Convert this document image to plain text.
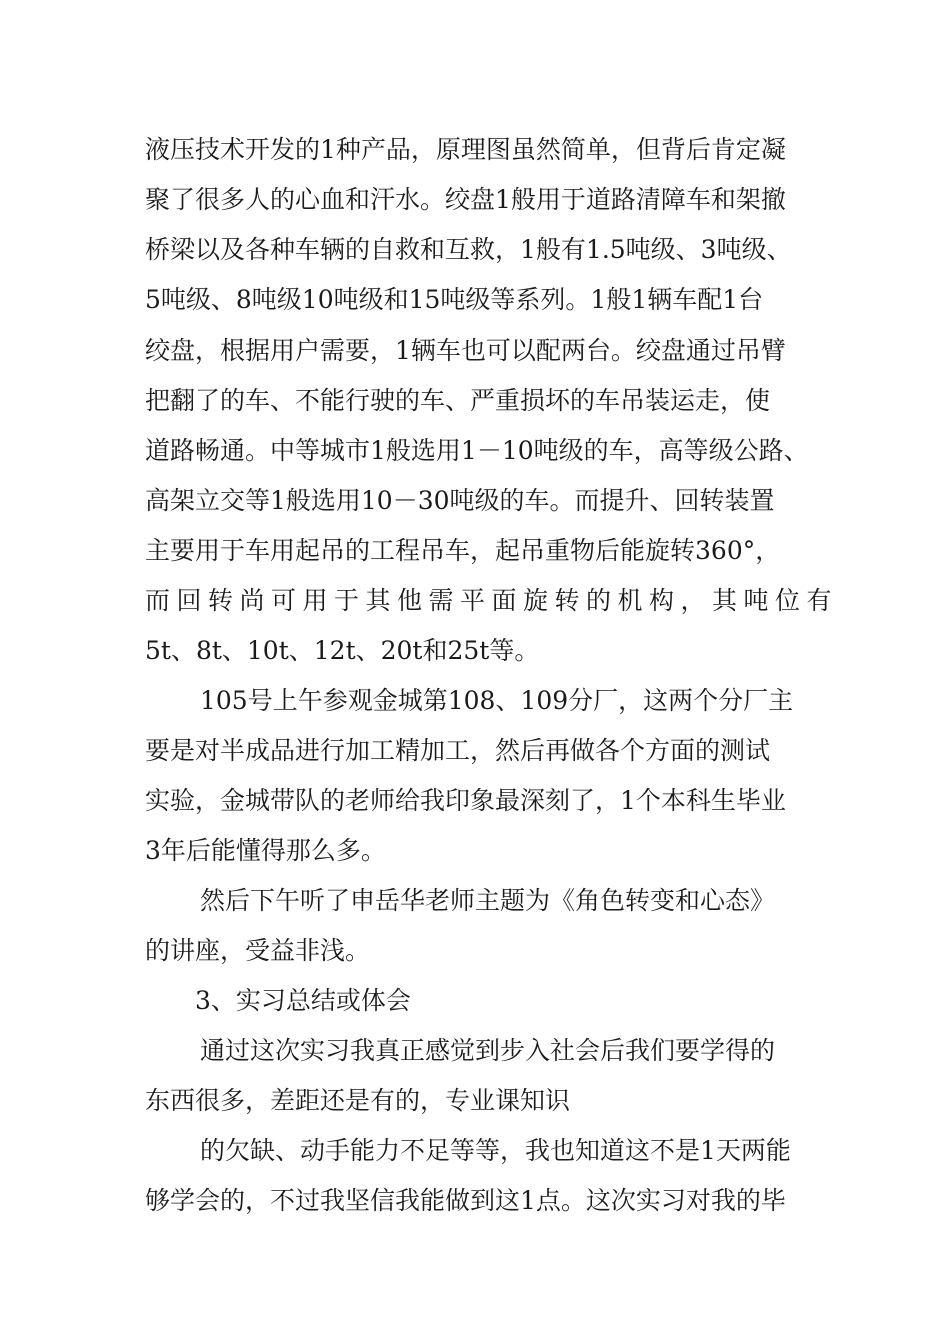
液压技术开发的1种产品，原理图虽然简单，但背后肯定凝
聚了很多人的心血和汗水。绞盘1般用于道路清障车和架撤
桥梁以及各种车辆的自救和互救，1般有1.5吨级、3吨级、
5吨级、8吨级10吨级和15吨级等系列。1般1辆车配1台
绞盘，根据用户需要，1辆车也可以配两台。绞盘通过吊臂
把翻了的车、不能行驶的车、严重损坏的车吊装运走，使
道路畅通。中等城市1般选用1－10吨级的车，高等级公路、
高架立交等1般选用10－30吨级的车。而提升、回转装置
主要用于车用起吊的工程吊车，起吊重物后能旋转360°，
而回转尚可用于其他需平面旋转的机构，其吨位有
5t、8t、10t、12t、20t和25t等。
105号上午参观金城第108、109分厂，这两个分厂主
要是对半成品进行加工精加工，然后再做各个方面的测试
实验，金城带队的老师给我印象最深刻了，1个本科生毕业
3年后能懂得那么多。
然后下午听了申岳华老师主题为《角色转变和心态》
的讲座，受益非浅。
3、实习总结或体会
通过这次实习我真正感觉到步入社会后我们要学得的
东西很多，差距还是有的，专业课知识
的欠缺、动手能力不足等等，我也知道这不是1天两能
够学会的，不过我坚信我能做到这1点。这次实习对我的毕
